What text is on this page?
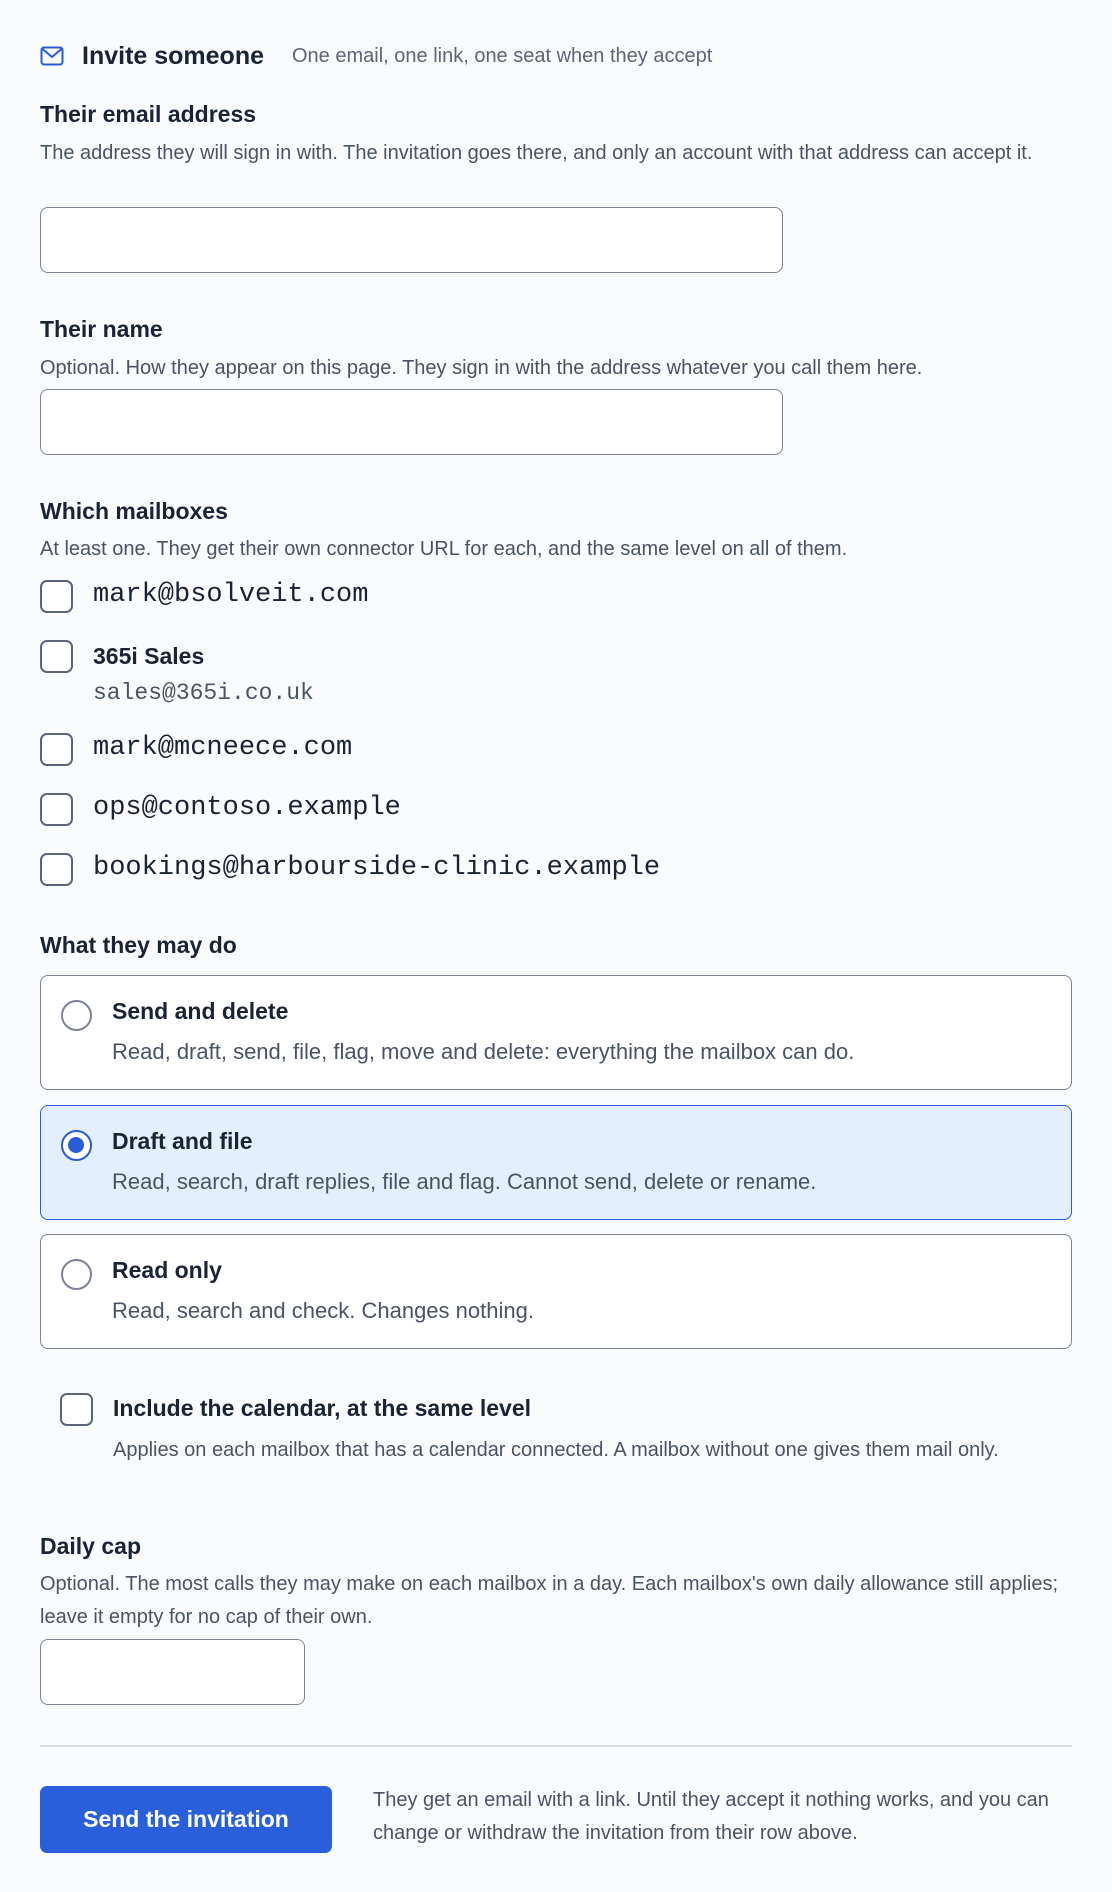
Invite someone One email, one link, one seat when they accept
Their email address
The address they will sign in with. The invitation goes there, and only an account with that address can accept it.
Their name
Optional. How they appear on this page. They sign in with the address whatever you call them here.
Which mailboxes
At least one. They get their own connector URL for each, and the same level on all of them.
mark@bsolveit.com
365i Sales
sales@365i.co.uk
mark@mcneece.com
ops@contoso.example
bookings@harbourside-clinic.example
What they may do
Send and delete
Read, draft, send, file, flag, move and delete: everything the mailbox can do.
Draft and file
Read, search, draft replies, file and flag. Cannot send, delete or rename.
Read only
Read, search and check. Changes nothing.
Include the calendar, at the same level
Applies on each mailbox that has a calendar connected. A mailbox without one gives them mail only.
Daily cap
Optional. The most calls they may make on each mailbox in a day. Each mailbox's own daily allowance still applies; leave it empty for no cap of their own.
Send the invitation
They get an email with a link. Until they accept it nothing works, and you can change or withdraw the invitation from their row above.
